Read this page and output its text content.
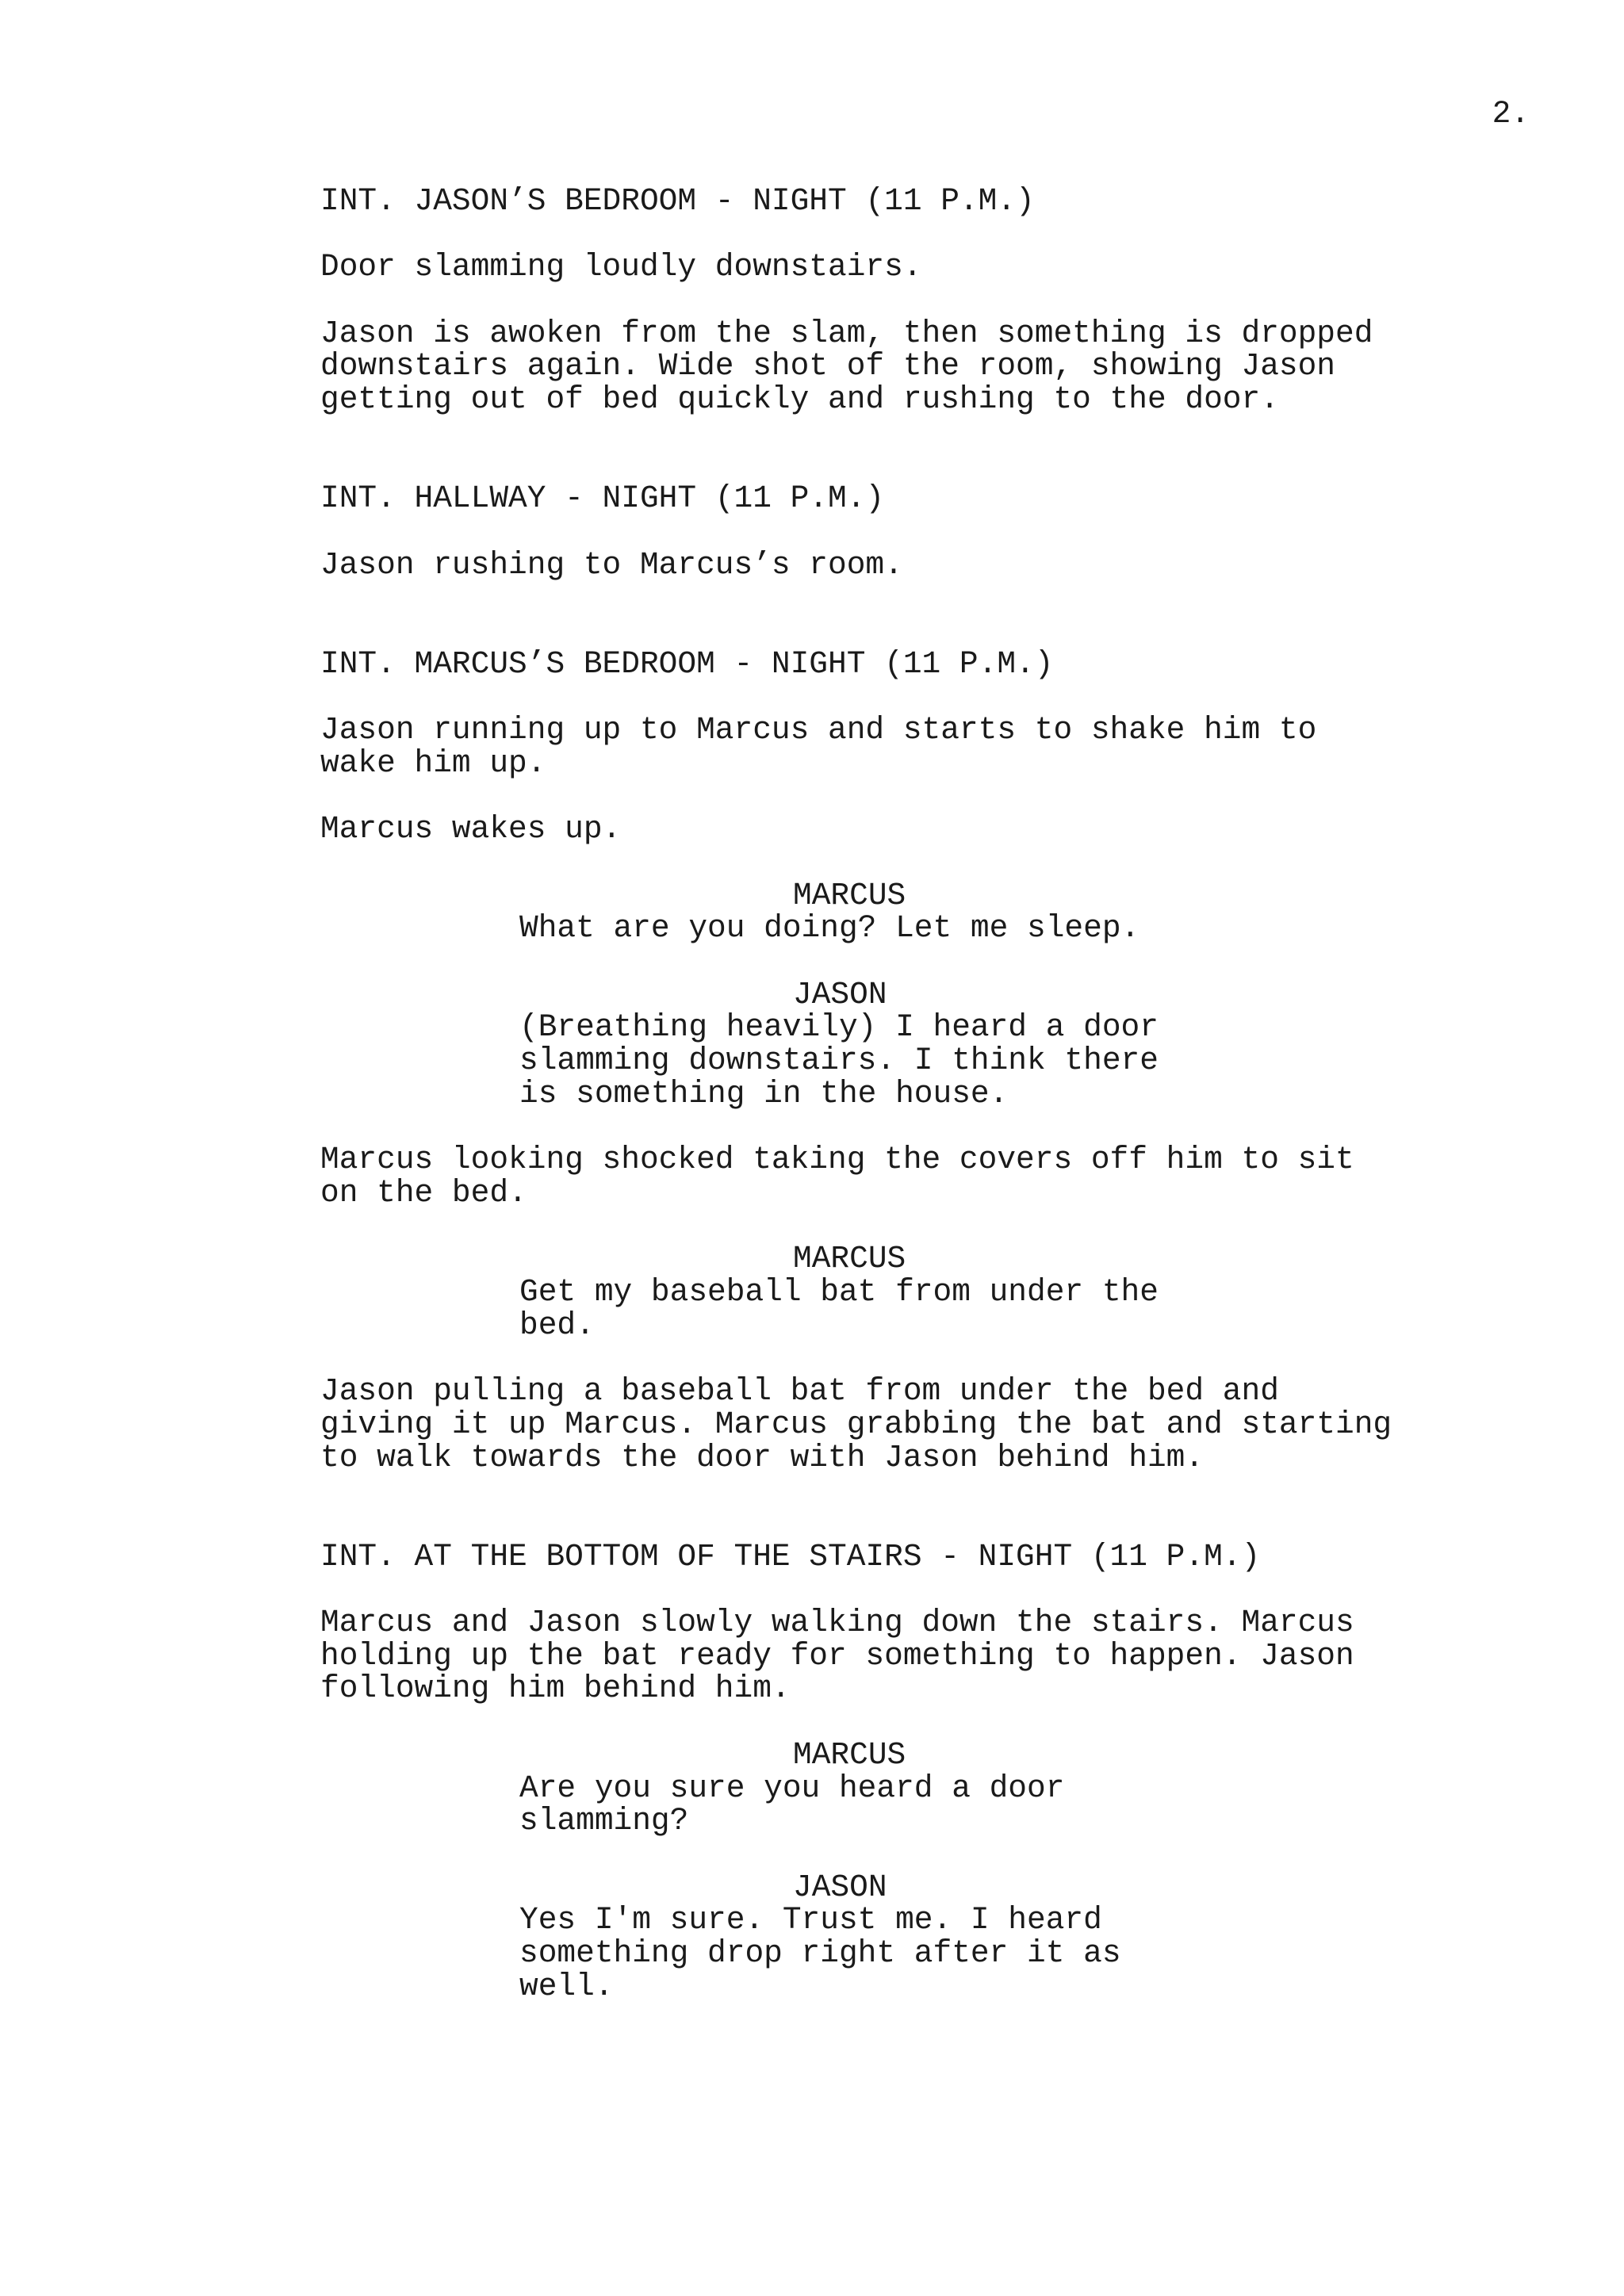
2.

INT. JASON’S BEDROOM - NIGHT (11 P.M.)

Door slamming loudly downstairs.

Jason is awoken from the slam, then something is dropped
downstairs again. Wide shot of the room, showing Jason
getting out of bed quickly and rushing to the door.

INT. HALLWAY - NIGHT (11 P.M.)

Jason rushing to Marcus’s room.

INT. MARCUS’S BEDROOM - NIGHT (11 P.M.)

Jason running up to Marcus and starts to shake him to
wake him up.

Marcus wakes up.

MARCUS

What are you doing? Let me sleep.

JASON

(Breathing heavily) I heard a door
slamming downstairs. I think there
is something in the house.

Marcus looking shocked taking the covers off him to sit
on the bed.

MARCUS

Get my baseball bat from under the
bed.

Jason pulling a baseball bat from under the bed and
giving it up Marcus. Marcus grabbing the bat and starting
to walk towards the door with Jason behind him.

INT. AT THE BOTTOM OF THE STAIRS - NIGHT (11 P.M.)

Marcus and Jason slowly walking down the stairs. Marcus
holding up the bat ready for something to happen. Jason
following him behind him.

MARCUS

Are you sure you heard a door
slamming?

JASON

Yes I'm sure. Trust me. I heard
something drop right after it as
well.
